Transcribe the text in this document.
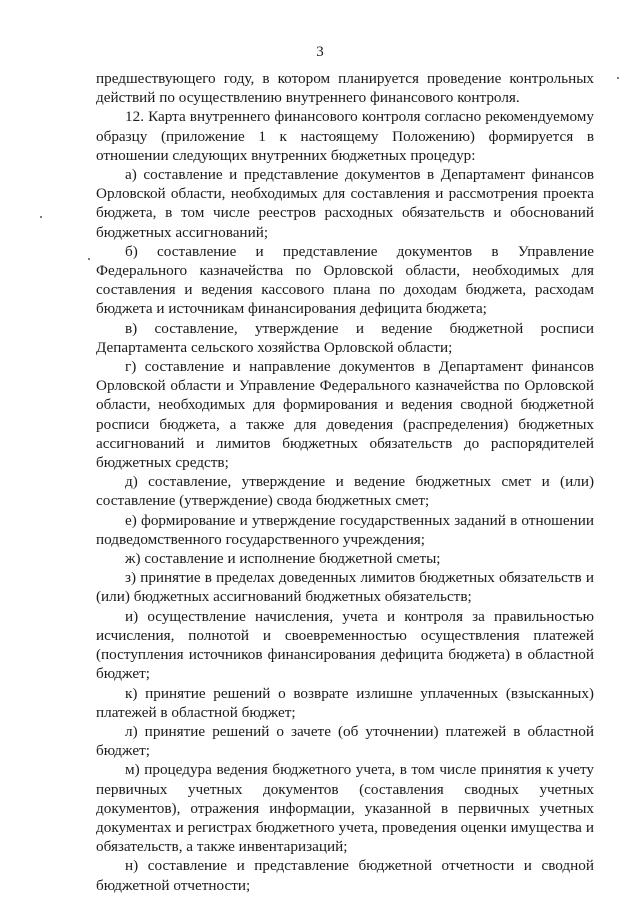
3

предшествующего году, в котором планируется проведение контрольных действий по осуществлению внутреннего финансового контроля.

12. Карта внутреннего финансового контроля согласно рекомендуемому образцу (приложение 1 к настоящему Положению) формируется в отношении следующих внутренних бюджетных процедур:

а) составление и представление документов в Департамент финансов Орловской области, необходимых для составления и рассмотрения проекта бюджета, в том числе реестров расходных обязательств и обоснований бюджетных ассигнований;

б) составление и представление документов в Управление Федерального казначейства по Орловской области, необходимых для составления и ведения кассового плана по доходам бюджета, расходам бюджета и источникам финансирования дефицита бюджета;

в) составление, утверждение и ведение бюджетной росписи
Департамента сельского хозяйства Орловской области;

г) составление и направление документов в Департамент финансов Орловской области и Управление Федерального казначейства по Орловской области, необходимых для формирования и ведения сводной бюджетной росписи бюджета, а также для доведения (распределения) бюджетных ассигнований и лимитов бюджетных обязательств до распорядителей бюджетных средств;

д) составление, утверждение и ведение бюджетных смет и (или) составление (утверждение) свода бюджетных смет;

е) формирование и утверждение государственных заданий в отношении подведомственного государственного учреждения;

ж) составление и исполнение бюджетной сметы;

з) принятие в пределах доведенных лимитов бюджетных обязательств и (или) бюджетных ассигнований бюджетных обязательств;

и) осуществление начисления, учета и контроля за правильностью исчисления, полнотой и своевременностью осуществления платежей (поступления источников финансирования дефицита бюджета) в областной бюджет;

к) принятие решений о возврате излишне уплаченных (взысканных) платежей в областной бюджет;

л) принятие решений о зачете (об уточнении) платежей в областной бюджет;

м) процедура ведения бюджетного учета, в том числе принятия к учету первичных учетных документов (составления сводных учетных документов), отражения информации, указанной в первичных учетных документах и регистрах бюджетного учета, проведения оценки имущества и обязательств, а также инвентаризаций;

н) составление и представление бюджетной отчетности и сводной бюджетной отчетности;
